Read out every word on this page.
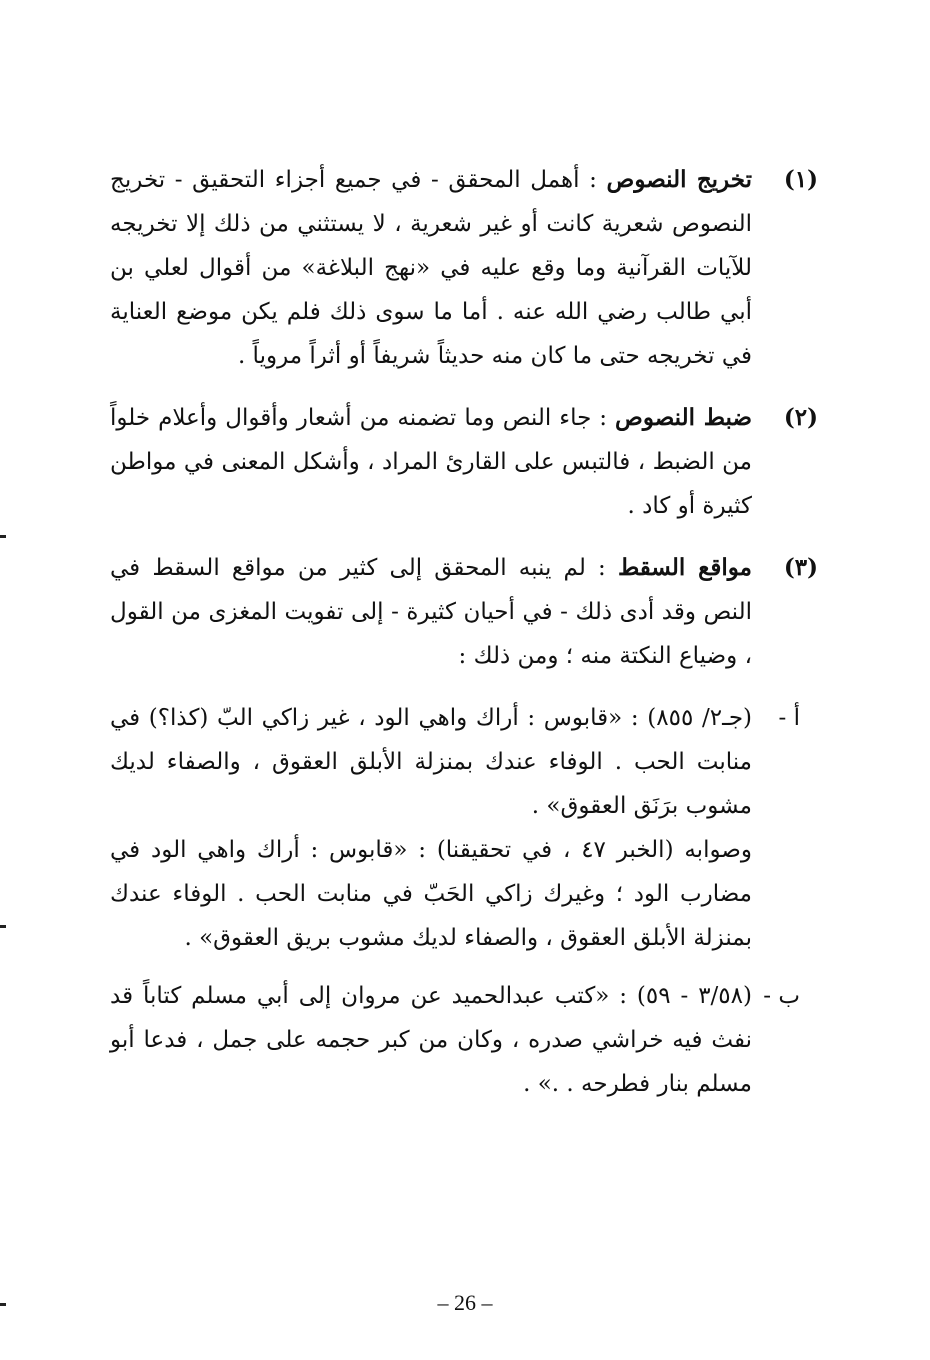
(١)

تخريج النصوص : أهمل المحقق - في جميع أجزاء التحقيق - تخريج النصوص شعرية كانت أو غير شعرية ، لا يستثني من ذلك إلا تخريجه للآيات القرآنية وما وقع عليه في «نهج البلاغة» من أقوال لعلي بن أبي طالب رضي الله عنه . أما ما سوى ذلك فلم يكن موضع العناية في تخريجه حتى ما كان منه حديثاً شريفاً أو أثراً مروياً .

(٢)

ضبط النصوص : جاء النص وما تضمنه من أشعار وأقوال وأعلام خلواً من الضبط ، فالتبس على القارئ المراد ، وأشكل المعنى في مواطن كثيرة أو كاد .

(٣)

مواقع السقط : لم ينبه المحقق إلى كثير من مواقع السقط في النص وقد أدى ذلك - في أحيان كثيرة - إلى تفويت المغزى من القول ، وضياع النكتة منه ؛ ومن ذلك :

أ -

(جـ٢/ ٨٥٥) : «قابوس : أراك واهي الود ، غير زاكي البّ (كذا؟) في منابت الحب . الوفاء عندك بمنزلة الأبلق العقوق ، والصفاء لديك مشوب برَنَق العقوق» .

وصوابه (الخبر ٤٧ ، في تحقيقنا) : «قابوس : أراك واهي الود في مضارب الود ؛ وغيرك زاكي الحَبّ في منابت الحب . الوفاء عندك بمنزلة الأبلق العقوق ، والصفاء لديك مشوب بريق العقوق» .

ب -

(٣/٥٨ - ٥٩) : «كتب عبدالحميد عن مروان إلى أبي مسلم كتاباً قد نفث فيه خراشي صدره ، وكان من كبر حجمه على جمل ، فدعا أبو مسلم بنار فطرحه . .» .

– 26 –
